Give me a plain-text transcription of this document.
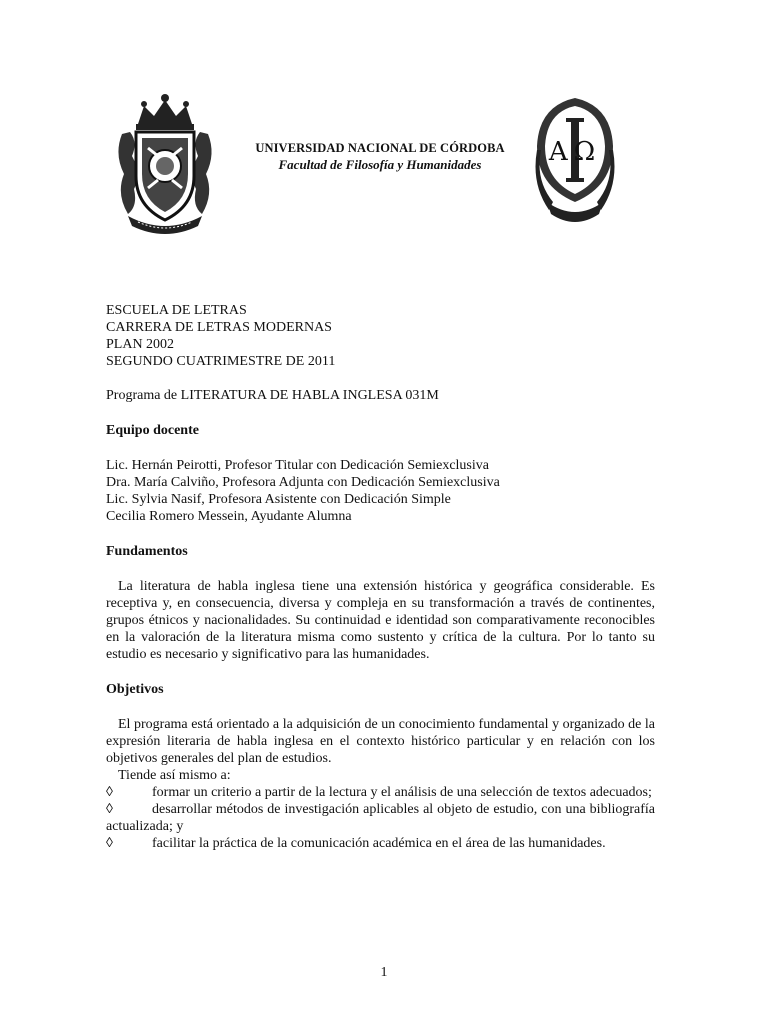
UNIVERSIDAD NACIONAL DE CÓRDOBA
Facultad de Filosofía y Humanidades	AΩ
ESCUELA DE LETRAS
CARRERA DE LETRAS MODERNAS
PLAN 2002
SEGUNDO CUATRIMESTRE DE 2011
Programa de LITERATURA DE HABLA INGLESA 031M
Equipo docente
Lic. Hernán Peirotti, Profesor Titular con Dedicación Semiexclusiva
Dra. María Calviño, Profesora Adjunta con Dedicación Semiexclusiva
Lic. Sylvia Nasif, Profesora Asistente con Dedicación Simple
Cecilia Romero Messein, Ayudante Alumna
Fundamentos
La literatura de habla inglesa tiene una extensión histórica y geográfica considerable. Es receptiva y, en consecuencia, diversa y compleja en su transformación a través de continentes, grupos étnicos y nacionalidades. Su continuidad e identidad son comparativamente reconocibles en la valoración de la literatura misma como sustento y crítica de la cultura. Por lo tanto su estudio es necesario y significativo para las humanidades.
Objetivos
El programa está orientado a la adquisición de un conocimiento fundamental y organizado de la expresión literaria de habla inglesa en el contexto histórico particular y en relación con los objetivos generales del plan de estudios.
Tiende así mismo a:
◊	formar un criterio a partir de la lectura y el análisis de una selección de textos adecuados;
◊	desarrollar métodos de investigación aplicables al objeto de estudio, con una bibliografía actualizada; y
◊	facilitar la práctica de la comunicación académica en el área de las humanidades.
1
